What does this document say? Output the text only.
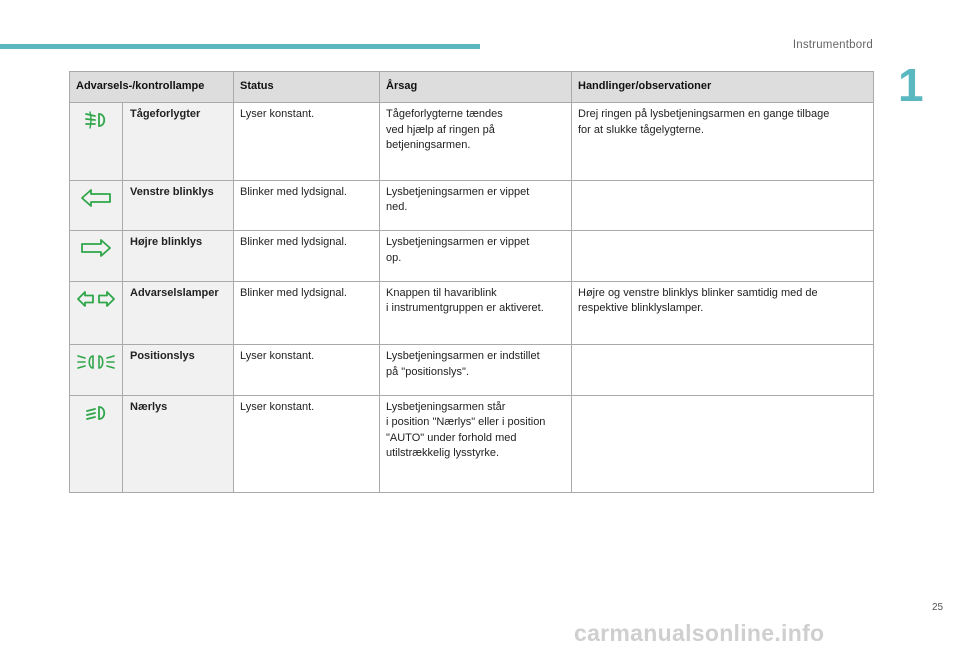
Instrumentbord
1
Advarsels-/kontrollampe		Status	Årsag	Handlinger/observationer

	Tågeforlygter	Lyser konstant.	Tågeforlygterne tændes
ved hjælp af ringen på
betjeningsarmen.	Drej ringen på lysbetjeningsarmen en gange tilbage
for at slukke tågelygterne.

	Venstre blinklys	Blinker med lydsignal.	Lysbetjeningsarmen er vippet
ned.	

	Højre blinklys	Blinker med lydsignal.	Lysbetjeningsarmen er vippet
op.	

	Advarselslamper	Blinker med lydsignal.	Knappen til havariblink
i instrumentgruppen er aktiveret.	Højre og venstre blinklys blinker samtidig med de
respektive blinklyslamper.

	Positionslys	Lyser konstant.	Lysbetjeningsarmen er indstillet
på "positionslys".	

	Nærlys	Lyser konstant.	Lysbetjeningsarmen står
i position "Nærlys" eller i position
"AUTO" under forhold med
utilstrækkelig lysstyrke.	
25
carmanualsonline.info
